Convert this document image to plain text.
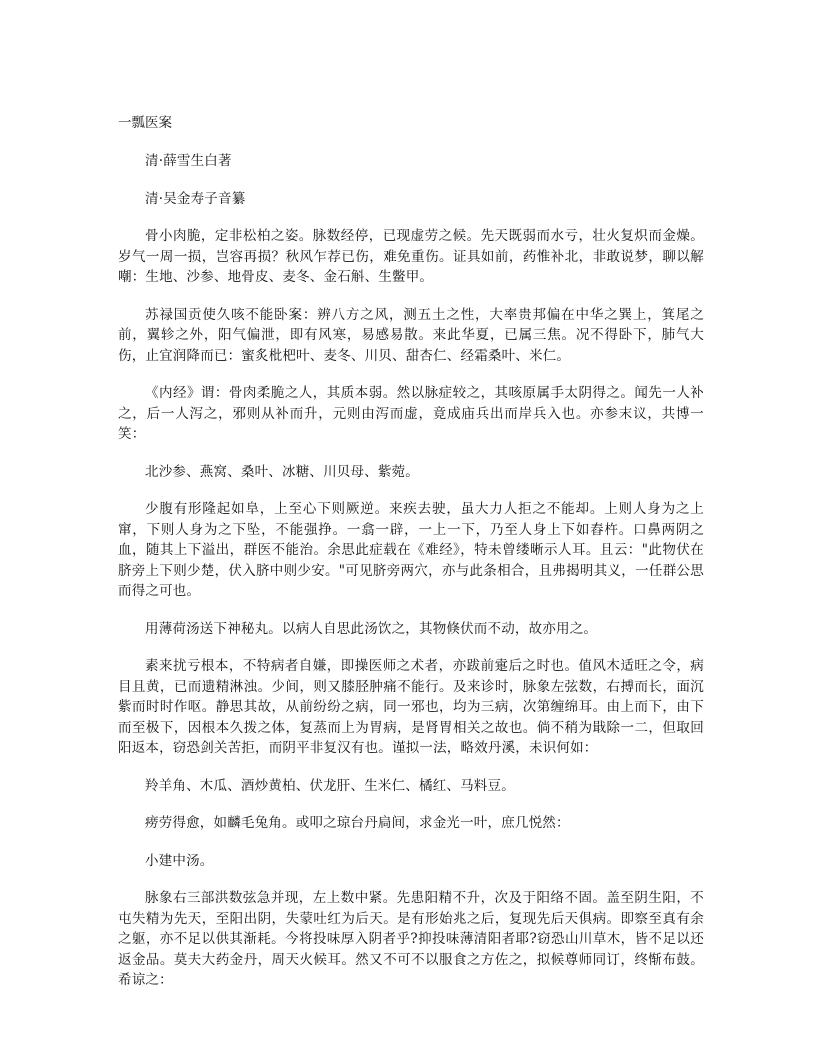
一瓢医案

清·薛雪生白著

清·吴金寿子音纂

骨小肉脆，定非松柏之姿。脉数经停，已现虚劳之候。先天既弱而水亏，壮火复炽而金燥。岁气一周一损，岂容再损？秋风乍荐已伤，难免重伤。证具如前，药惟补北，非敢说梦，聊以解嘲：生地、沙参、地骨皮、麦冬、金石斛、生鳖甲。

苏禄国贡使久咳不能卧案：辨八方之风，测五土之性，大率贵邦偏在中华之巽上，箕尾之前，翼轸之外，阳气偏泄，即有风寒，易感易散。来此华夏，已属三焦。况不得卧下，肺气大伤，止宜润降而已：蜜炙枇杷叶、麦冬、川贝、甜杏仁、经霜桑叶、米仁。

《内经》谓：骨肉柔脆之人，其质本弱。然以脉症较之，其咳原属手太阴得之。闻先一人补之，后一人泻之，邪则从补而升，元则由泻而虚，竟成庙兵出而岸兵入也。亦参末议，共博一笑：

北沙参、燕窝、桑叶、冰糖、川贝母、紫菀。

少腹有形隆起如阜，上至心下则厥逆。来疾去驶，虽大力人拒之不能却。上则人身为之上窜，下则人身为之下坠，不能强挣。一翕一辟，一上一下，乃至人身上下如舂杵。口鼻两阴之血，随其上下溢出，群医不能治。余思此症载在《难经》，特未曾缕晰示人耳。且云："此物伏在脐旁上下则少楚，伏入脐中则少安。"可见脐旁两穴，亦与此条相合，且弗揭明其义，一任群公思而得之可也。

用薄荷汤送下神秘丸。以病人自思此汤饮之，其物倏伏而不动，故亦用之。

素来扰亏根本，不特病者自嫌，即操医师之术者，亦跋前疐后之时也。值风木适旺之令，病目且黄，已而遗精淋浊。少间，则又膝胫肿痛不能行。及来诊时，脉象左弦数，右搏而长，面沉紫而时时作呕。静思其故，从前纷纷之病，同一邪也，均为三病，次第缠绵耳。由上而下，由下而至极下，因根本久拨之体，复蒸而上为胃病，是肾胃相关之故也。倘不稍为戢除一二，但取回阳返本，窃恐剑关苦拒，而阴平非复汉有也。谨拟一法，略效丹溪，未识何如：

羚羊角、木瓜、酒炒黄柏、伏龙肝、生米仁、橘红、马料豆。

痨劳得愈，如麟毛兔角。或叩之琼台丹扃间，求金光一叶，庶几悦然：

小建中汤。

脉象右三部洪数弦急并现，左上数中紧。先患阳精不升，次及于阳络不固。盖至阴生阳，不屯失精为先天，至阳出阴，失蒙吐红为后天。是有形始兆之后，复现先后天俱病。即察至真有余之躯，亦不足以供其渐耗。今将投味厚入阴者乎?抑投味薄清阳者耶?窃恐山川草木，皆不足以还返金品。莫夫大药金丹，周天火候耳。然又不可不以服食之方佐之，拟候尊师同订，终惭布鼓。希谅之：
